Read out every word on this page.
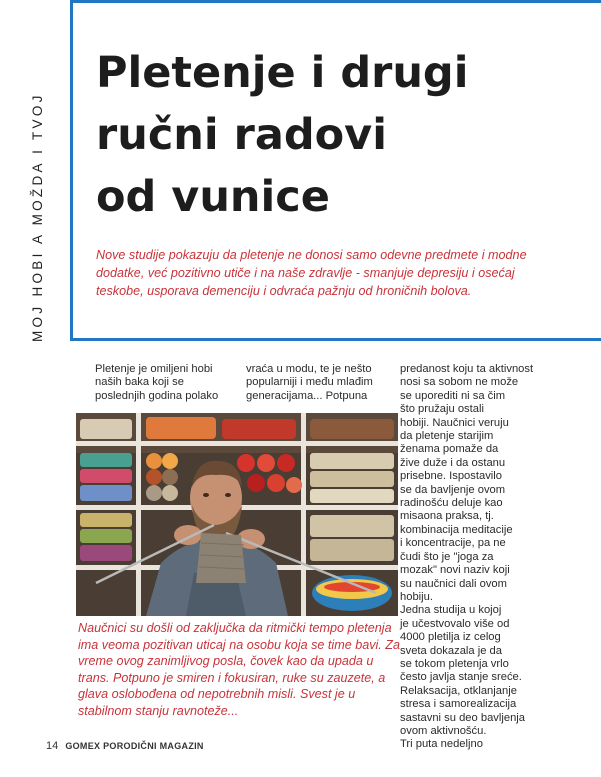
MOJ HOBI A MOŽDA I TVOJ
Pletenje i drugi
ručni radovi
od vunice

Nove studije pokazuju da pletenje ne donosi samo odevne predmete i modne dodatke, već pozitivno utiče i na naše zdravlje - smanjuje depresiju i osećaj teskobe, usporava demenciju i odvraća pažnju od hroničnih bolova.

Pletenje je omiljeni hobi naših baka koji se poslednjih godina polako

vraća u modu, te je nešto popularniji i među mlađim generacijama... Potpuna

predanost koju ta aktivnost
nosi sa sobom ne može
se uporediti ni sa čim
što pružaju ostali
hobiji. Naučnici veruju
da pletenje starijim
ženama pomaže da
žive duže i da ostanu
prisebne. Ispostavilo
se da bavljenje ovom
radinošću deluje kao
misaona praksa, tj.
kombinacija meditacije
i koncentracije, pa ne
čudi što je "joga za
mozak" novi naziv koji
su naučnici dali ovom
hobiju.
Jedna studija u kojoj
je učestvovalo više od
4000 pletilja iz celog
sveta dokazala je da
se tokom pletenja vrlo
često javlja stanje sreće.
Relaksacija, otklanjanje
stresa i samorealizacija
sastavni su deo bavljenja
ovom aktivnošću.
Tri puta nedeljno

Naučnici su došli od zaključka da ritmički tempo pletenja ima veoma pozitivan uticaj na osobu koja se time bavi. Za vreme ovog zanimljivog posla, čovek kao da upada u trans. Potpuno je smiren i fokusiran, ruke su zauzete, a glava oslobođena od nepotrebnih misli. Svest je u stabilnom stanju ravnoteže...

14 GOMEX PORODIČNI MAGAZIN
